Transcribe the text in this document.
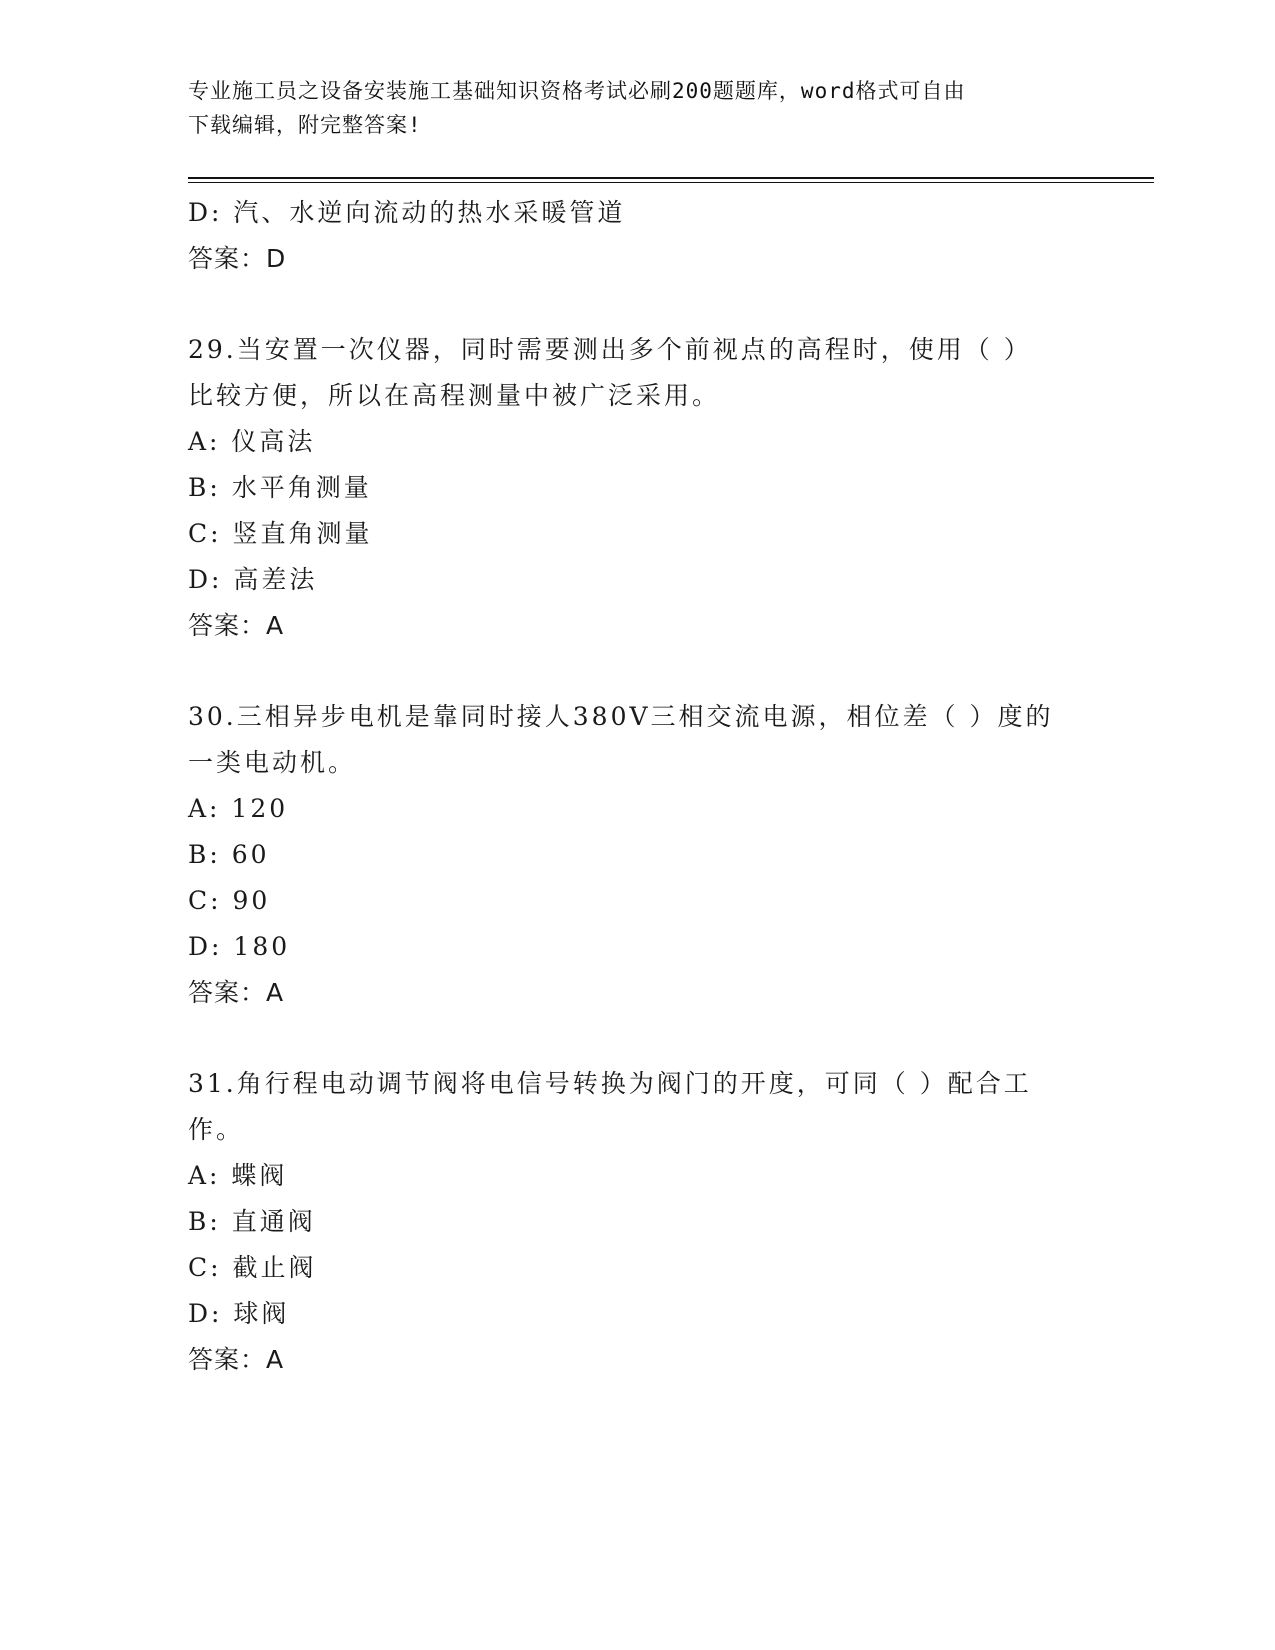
专业施工员之设备安装施工基础知识资格考试必刷200题题库，word格式可自由
下载编辑，附完整答案!
D: 汽、水逆向流动的热水采暖管道
答案：D
29.当安置一次仪器，同时需要测出多个前视点的高程时，使用（ ）
比较方便，所以在高程测量中被广泛采用。
A: 仪高法
B: 水平角测量
C: 竖直角测量
D: 高差法
答案：A
30.三相异步电机是靠同时接人380V三相交流电源，相位差（ ）度的
一类电动机。
A: 120
B: 60
C: 90
D: 180
答案：A
31.角行程电动调节阀将电信号转换为阀门的开度，可同（ ）配合工
作。
A: 蝶阀
B: 直通阀
C: 截止阀
D: 球阀
答案：A
